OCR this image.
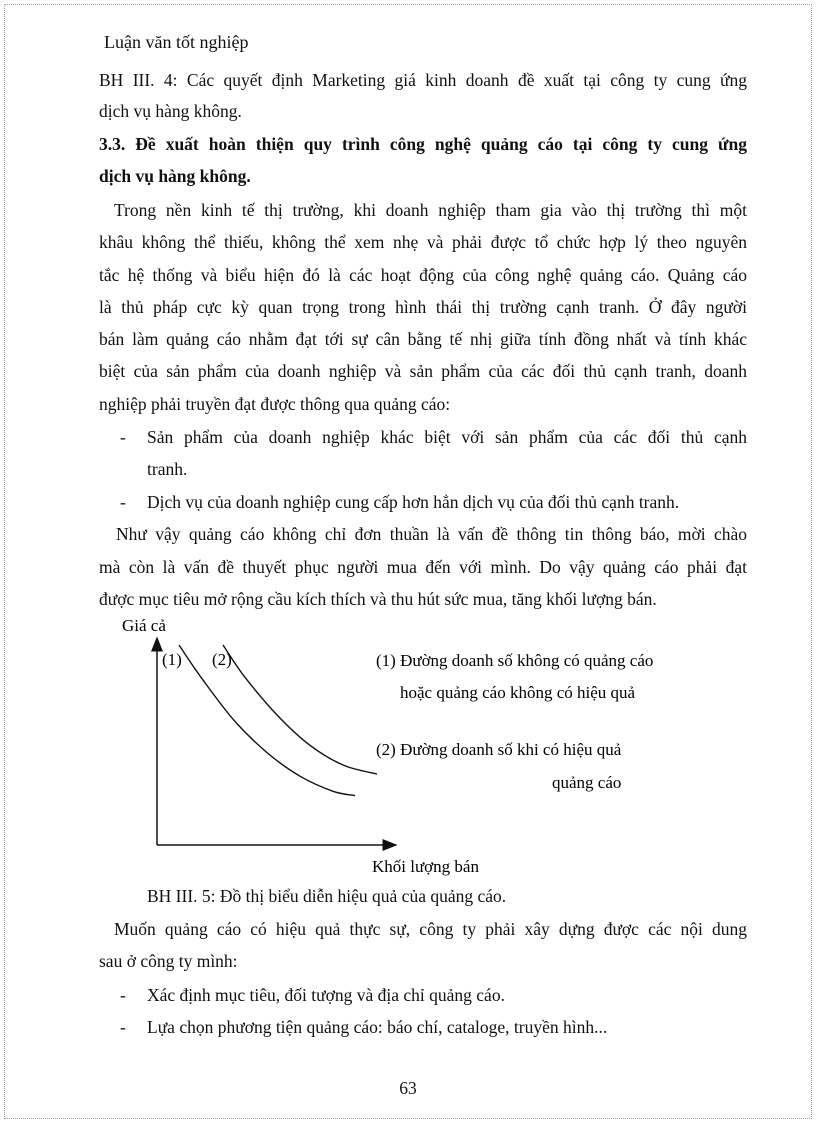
Luận văn tốt nghiệp
BH III. 4: Các quyết định Marketing giá kinh doanh đề xuất tại công ty cung ứng
dịch vụ hàng không.
3.3. Đề xuất hoàn thiện quy trình công nghệ quảng cáo tại công ty cung ứng
dịch vụ hàng không.
Trong nền kinh tế thị trường, khi doanh nghiệp tham gia vào thị trường thì một
khâu không thể thiếu, không thể xem nhẹ và phải được tổ chức hợp lý theo nguyên
tắc hệ thống và biểu hiện đó là các hoạt động của công nghệ quảng cáo. Quảng cáo
là thủ pháp cực kỳ quan trọng trong hình thái thị trường cạnh tranh. Ở đây người
bán làm quảng cáo nhằm đạt tới sự cân bằng tế nhị giữa tính đồng nhất và tính khác
biệt của sản phẩm của doanh nghiệp và sản phẩm của các đối thủ cạnh tranh, doanh
nghiệp phải truyền đạt được thông qua quảng cáo:
- Sản phẩm của doanh nghiệp khác biệt với sản phẩm của các đối thủ cạnh
tranh.
- Dịch vụ của doanh nghiệp cung cấp hơn hẳn dịch vụ của đối thủ cạnh tranh.
Như vậy quảng cáo không chỉ đơn thuần là vấn đề thông tin thông báo, mời chào
mà còn là vấn đề thuyết phục người mua đến với mình. Do vậy quảng cáo phải đạt
được mục tiêu mở rộng cầu kích thích và thu hút sức mua, tăng khối lượng bán.
Giá cả
(1) (2)	(1) Đường doanh số không có quảng cáo
hoặc quảng cáo không có hiệu quả
(2) Đường doanh số khi có hiệu quả
quảng cáo
Khối lượng bán
BH III. 5: Đồ thị biểu diễn hiệu quả của quảng cáo.
Muốn quảng cáo có hiệu quả thực sự, công ty phải xây dựng được các nội dung
sau ở công ty mình:
- Xác định mục tiêu, đối tượng và địa chỉ quảng cáo.
- Lựa chọn phương tiện quảng cáo: báo chí, cataloge, truyền hình...
63
